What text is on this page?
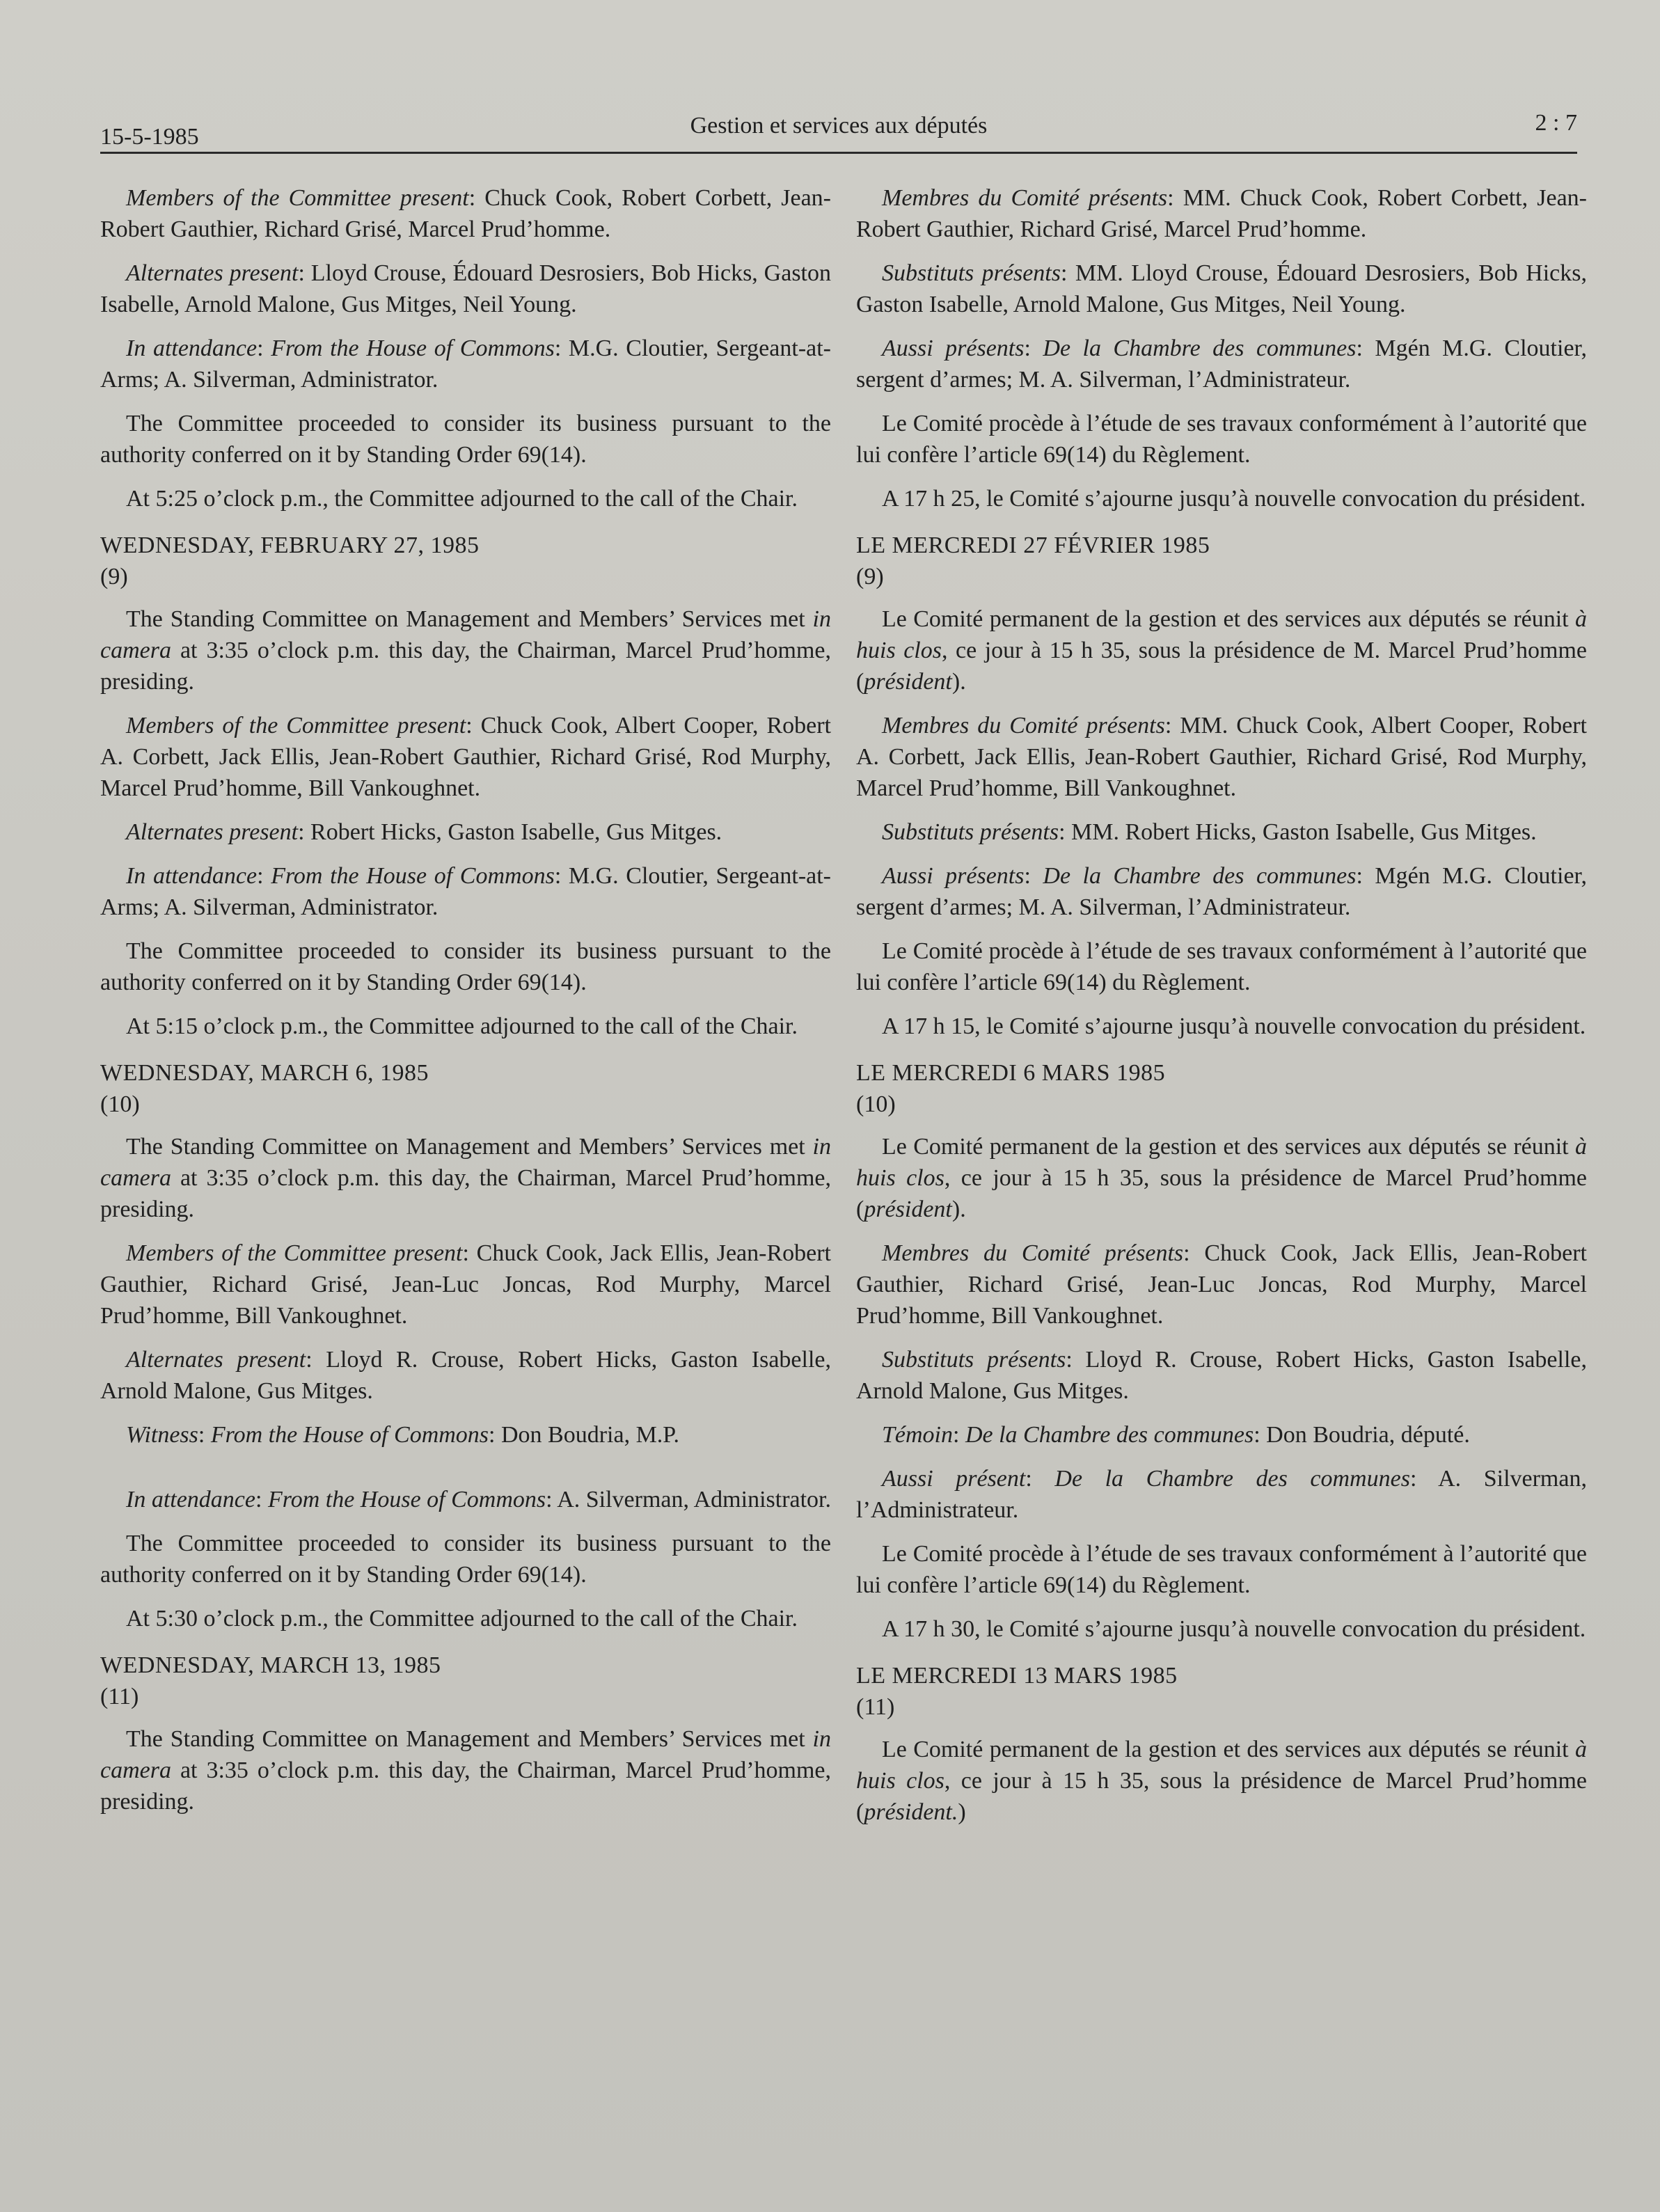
15-5-1985	Gestion et services aux députés	2 : 7

Members of the Committee present: Chuck Cook, Robert Corbett, Jean-Robert Gauthier, Richard Grisé, Marcel Prud’homme.

Alternates present: Lloyd Crouse, Édouard Desrosiers, Bob Hicks, Gaston Isabelle, Arnold Malone, Gus Mitges, Neil Young.

In attendance: From the House of Commons: M.G. Cloutier, Sergeant-at-Arms; A. Silverman, Administrator.

The Committee proceeded to consider its business pursuant to the authority conferred on it by Standing Order 69(14).

At 5:25 o’clock p.m., the Committee adjourned to the call of the Chair.

WEDNESDAY, FEBRUARY 27, 1985
(9)

The Standing Committee on Management and Members’ Services met in camera at 3:35 o’clock p.m. this day, the Chairman, Marcel Prud’homme, presiding.

Members of the Committee present: Chuck Cook, Albert Cooper, Robert A. Corbett, Jack Ellis, Jean-Robert Gauthier, Richard Grisé, Rod Murphy, Marcel Prud’homme, Bill Vankoughnet.

Alternates present: Robert Hicks, Gaston Isabelle, Gus Mitges.

In attendance: From the House of Commons: M.G. Cloutier, Sergeant-at-Arms; A. Silverman, Administrator.

The Committee proceeded to consider its business pursuant to the authority conferred on it by Standing Order 69(14).

At 5:15 o’clock p.m., the Committee adjourned to the call of the Chair.

WEDNESDAY, MARCH 6, 1985
(10)

The Standing Committee on Management and Members’ Services met in camera at 3:35 o’clock p.m. this day, the Chairman, Marcel Prud’homme, presiding.

Members of the Committee present: Chuck Cook, Jack Ellis, Jean-Robert Gauthier, Richard Grisé, Jean-Luc Joncas, Rod Murphy, Marcel Prud’homme, Bill Vankoughnet.

Alternates present: Lloyd R. Crouse, Robert Hicks, Gaston Isabelle, Arnold Malone, Gus Mitges.

Witness: From the House of Commons: Don Boudria, M.P.

In attendance: From the House of Commons: A. Silverman, Administrator.

The Committee proceeded to consider its business pursuant to the authority conferred on it by Standing Order 69(14).

At 5:30 o’clock p.m., the Committee adjourned to the call of the Chair.

WEDNESDAY, MARCH 13, 1985
(11)

The Standing Committee on Management and Members’ Services met in camera at 3:35 o’clock p.m. this day, the Chairman, Marcel Prud’homme, presiding.

Membres du Comité présents: MM. Chuck Cook, Robert Corbett, Jean-Robert Gauthier, Richard Grisé, Marcel Prud’homme.

Substituts présents: MM. Lloyd Crouse, Édouard Desrosiers, Bob Hicks, Gaston Isabelle, Arnold Malone, Gus Mitges, Neil Young.

Aussi présents: De la Chambre des communes: Mgén M.G. Cloutier, sergent d’armes; M. A. Silverman, l’Administrateur.

Le Comité procède à l’étude de ses travaux conformément à l’autorité que lui confère l’article 69(14) du Règlement.

A 17 h 25, le Comité s’ajourne jusqu’à nouvelle convocation du président.

LE MERCREDI 27 FÉVRIER 1985
(9)

Le Comité permanent de la gestion et des services aux députés se réunit à huis clos, ce jour à 15 h 35, sous la présidence de M. Marcel Prud’homme (président).

Membres du Comité présents: MM. Chuck Cook, Albert Cooper, Robert A. Corbett, Jack Ellis, Jean-Robert Gauthier, Richard Grisé, Rod Murphy, Marcel Prud’homme, Bill Vankoughnet.

Substituts présents: MM. Robert Hicks, Gaston Isabelle, Gus Mitges.

Aussi présents: De la Chambre des communes: Mgén M.G. Cloutier, sergent d’armes; M. A. Silverman, l’Administrateur.

Le Comité procède à l’étude de ses travaux conformément à l’autorité que lui confère l’article 69(14) du Règlement.

A 17 h 15, le Comité s’ajourne jusqu’à nouvelle convocation du président.

LE MERCREDI 6 MARS 1985
(10)

Le Comité permanent de la gestion et des services aux députés se réunit à huis clos, ce jour à 15 h 35, sous la présidence de Marcel Prud’homme (président).

Membres du Comité présents: Chuck Cook, Jack Ellis, Jean-Robert Gauthier, Richard Grisé, Jean-Luc Joncas, Rod Murphy, Marcel Prud’homme, Bill Vankoughnet.

Substituts présents: Lloyd R. Crouse, Robert Hicks, Gaston Isabelle, Arnold Malone, Gus Mitges.

Témoin: De la Chambre des communes: Don Boudria, député.

Aussi présent: De la Chambre des communes: A. Silverman, l’Administrateur.

Le Comité procède à l’étude de ses travaux conformément à l’autorité que lui confère l’article 69(14) du Règlement.

A 17 h 30, le Comité s’ajourne jusqu’à nouvelle convocation du président.

LE MERCREDI 13 MARS 1985
(11)

Le Comité permanent de la gestion et des services aux députés se réunit à huis clos, ce jour à 15 h 35, sous la présidence de Marcel Prud’homme (président.)
